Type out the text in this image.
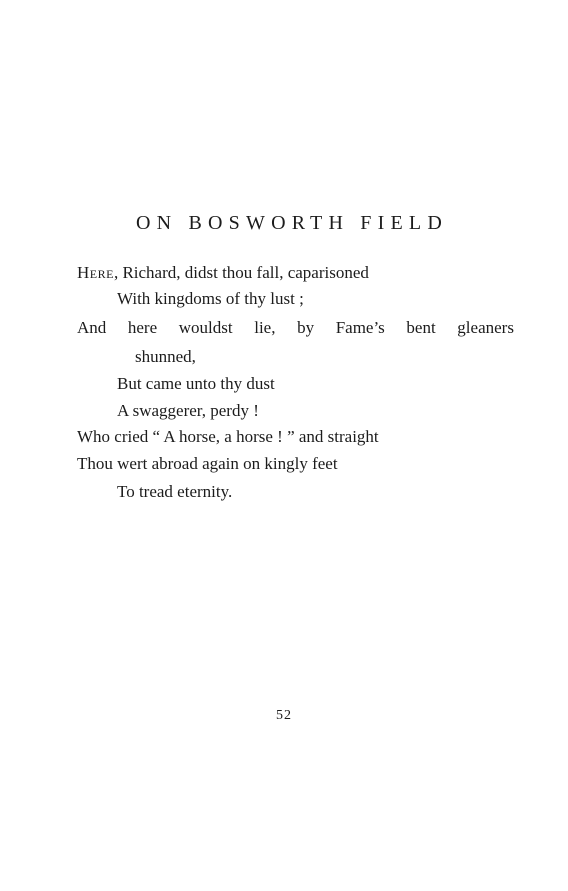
ON BOSWORTH FIELD
Here, Richard, didst thou fall, caparisoned
With kingdoms of thy lust ;
And here wouldst lie, by Fame’s bent gleaners
shunned,
But came unto thy dust
A swaggerer, perdy !
Who cried “ A horse, a horse ! ” and straight
Thou wert abroad again on kingly feet
To tread eternity.
52
